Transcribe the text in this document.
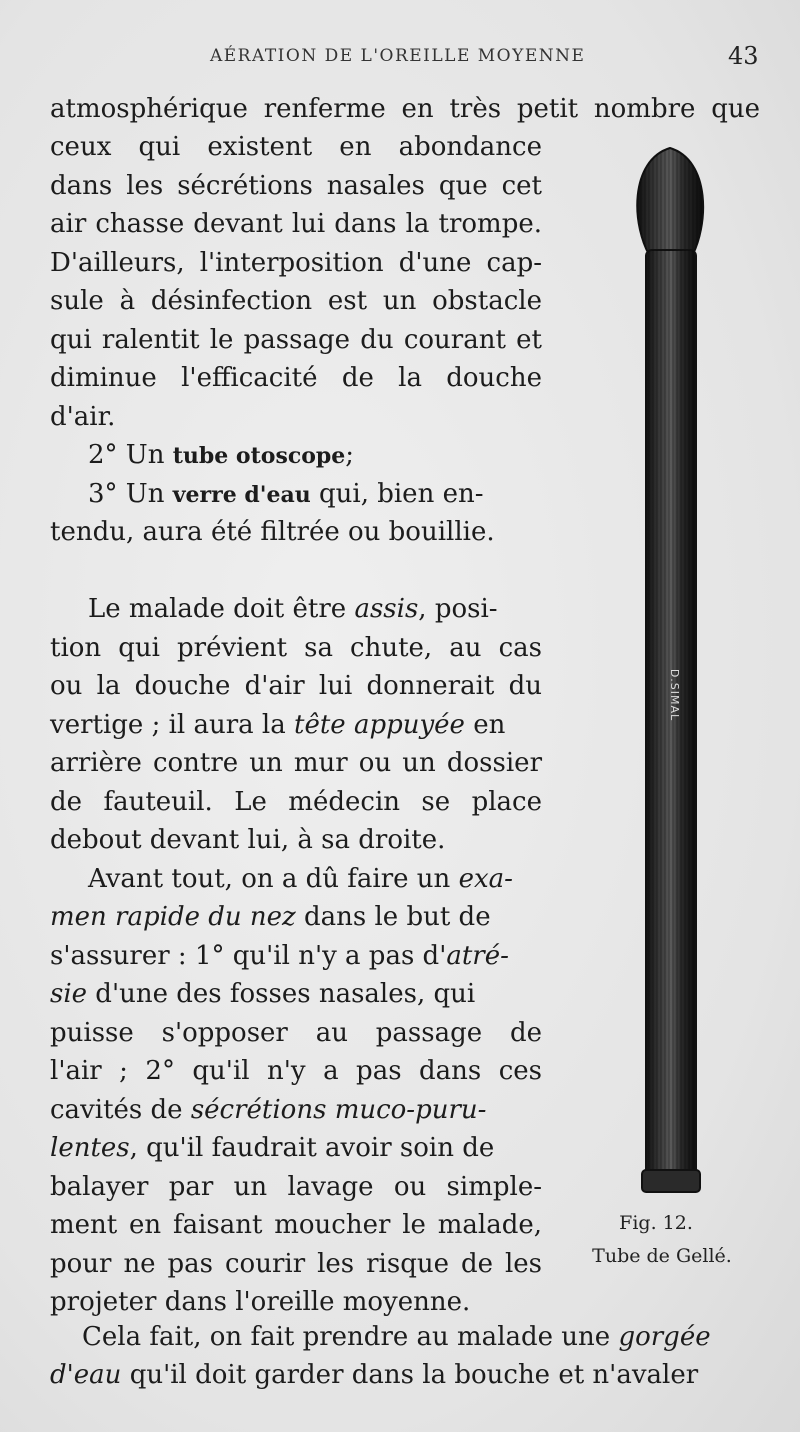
AÉRATION DE L'OREILLE MOYENNE	43
atmosphérique renferme en très petit nombre que
ceux qui existent en abondance
dans les sécrétions nasales que cet
air chasse devant lui dans la trompe.
D'ailleurs, l'interposition d'une cap-
sule à désinfection est un obstacle
qui ralentit le passage du courant et
diminue l'efficacité de la douche
d'air.
2° Un tube otoscope;
3° Un verre d'eau qui, bien en-
tendu, aura été filtrée ou bouillie.
Le malade doit être assis, posi-
tion qui prévient sa chute, au cas
ou la douche d'air lui donnerait du
vertige ; il aura la tête appuyée en
arrière contre un mur ou un dossier
de fauteuil. Le médecin se place
debout devant lui, à sa droite.
Avant tout, on a dû faire un exa-
men rapide du nez dans le but de
s'assurer : 1° qu'il n'y a pas d'atré-
sie d'une des fosses nasales, qui
puisse s'opposer au passage de
l'air ; 2° qu'il n'y a pas dans ces
cavités de sécrétions muco-puru-
lentes, qu'il faudrait avoir soin de
balayer par un lavage ou simple-
ment en faisant moucher le malade,
pour ne pas courir les risque de les
projeter dans l'oreille moyenne.
Cela fait, on fait prendre au malade une gorgée
d'eau qu'il doit garder dans la bouche et n'avaler
D.SIMAL
Fig. 12.
Tube de Gellé.
